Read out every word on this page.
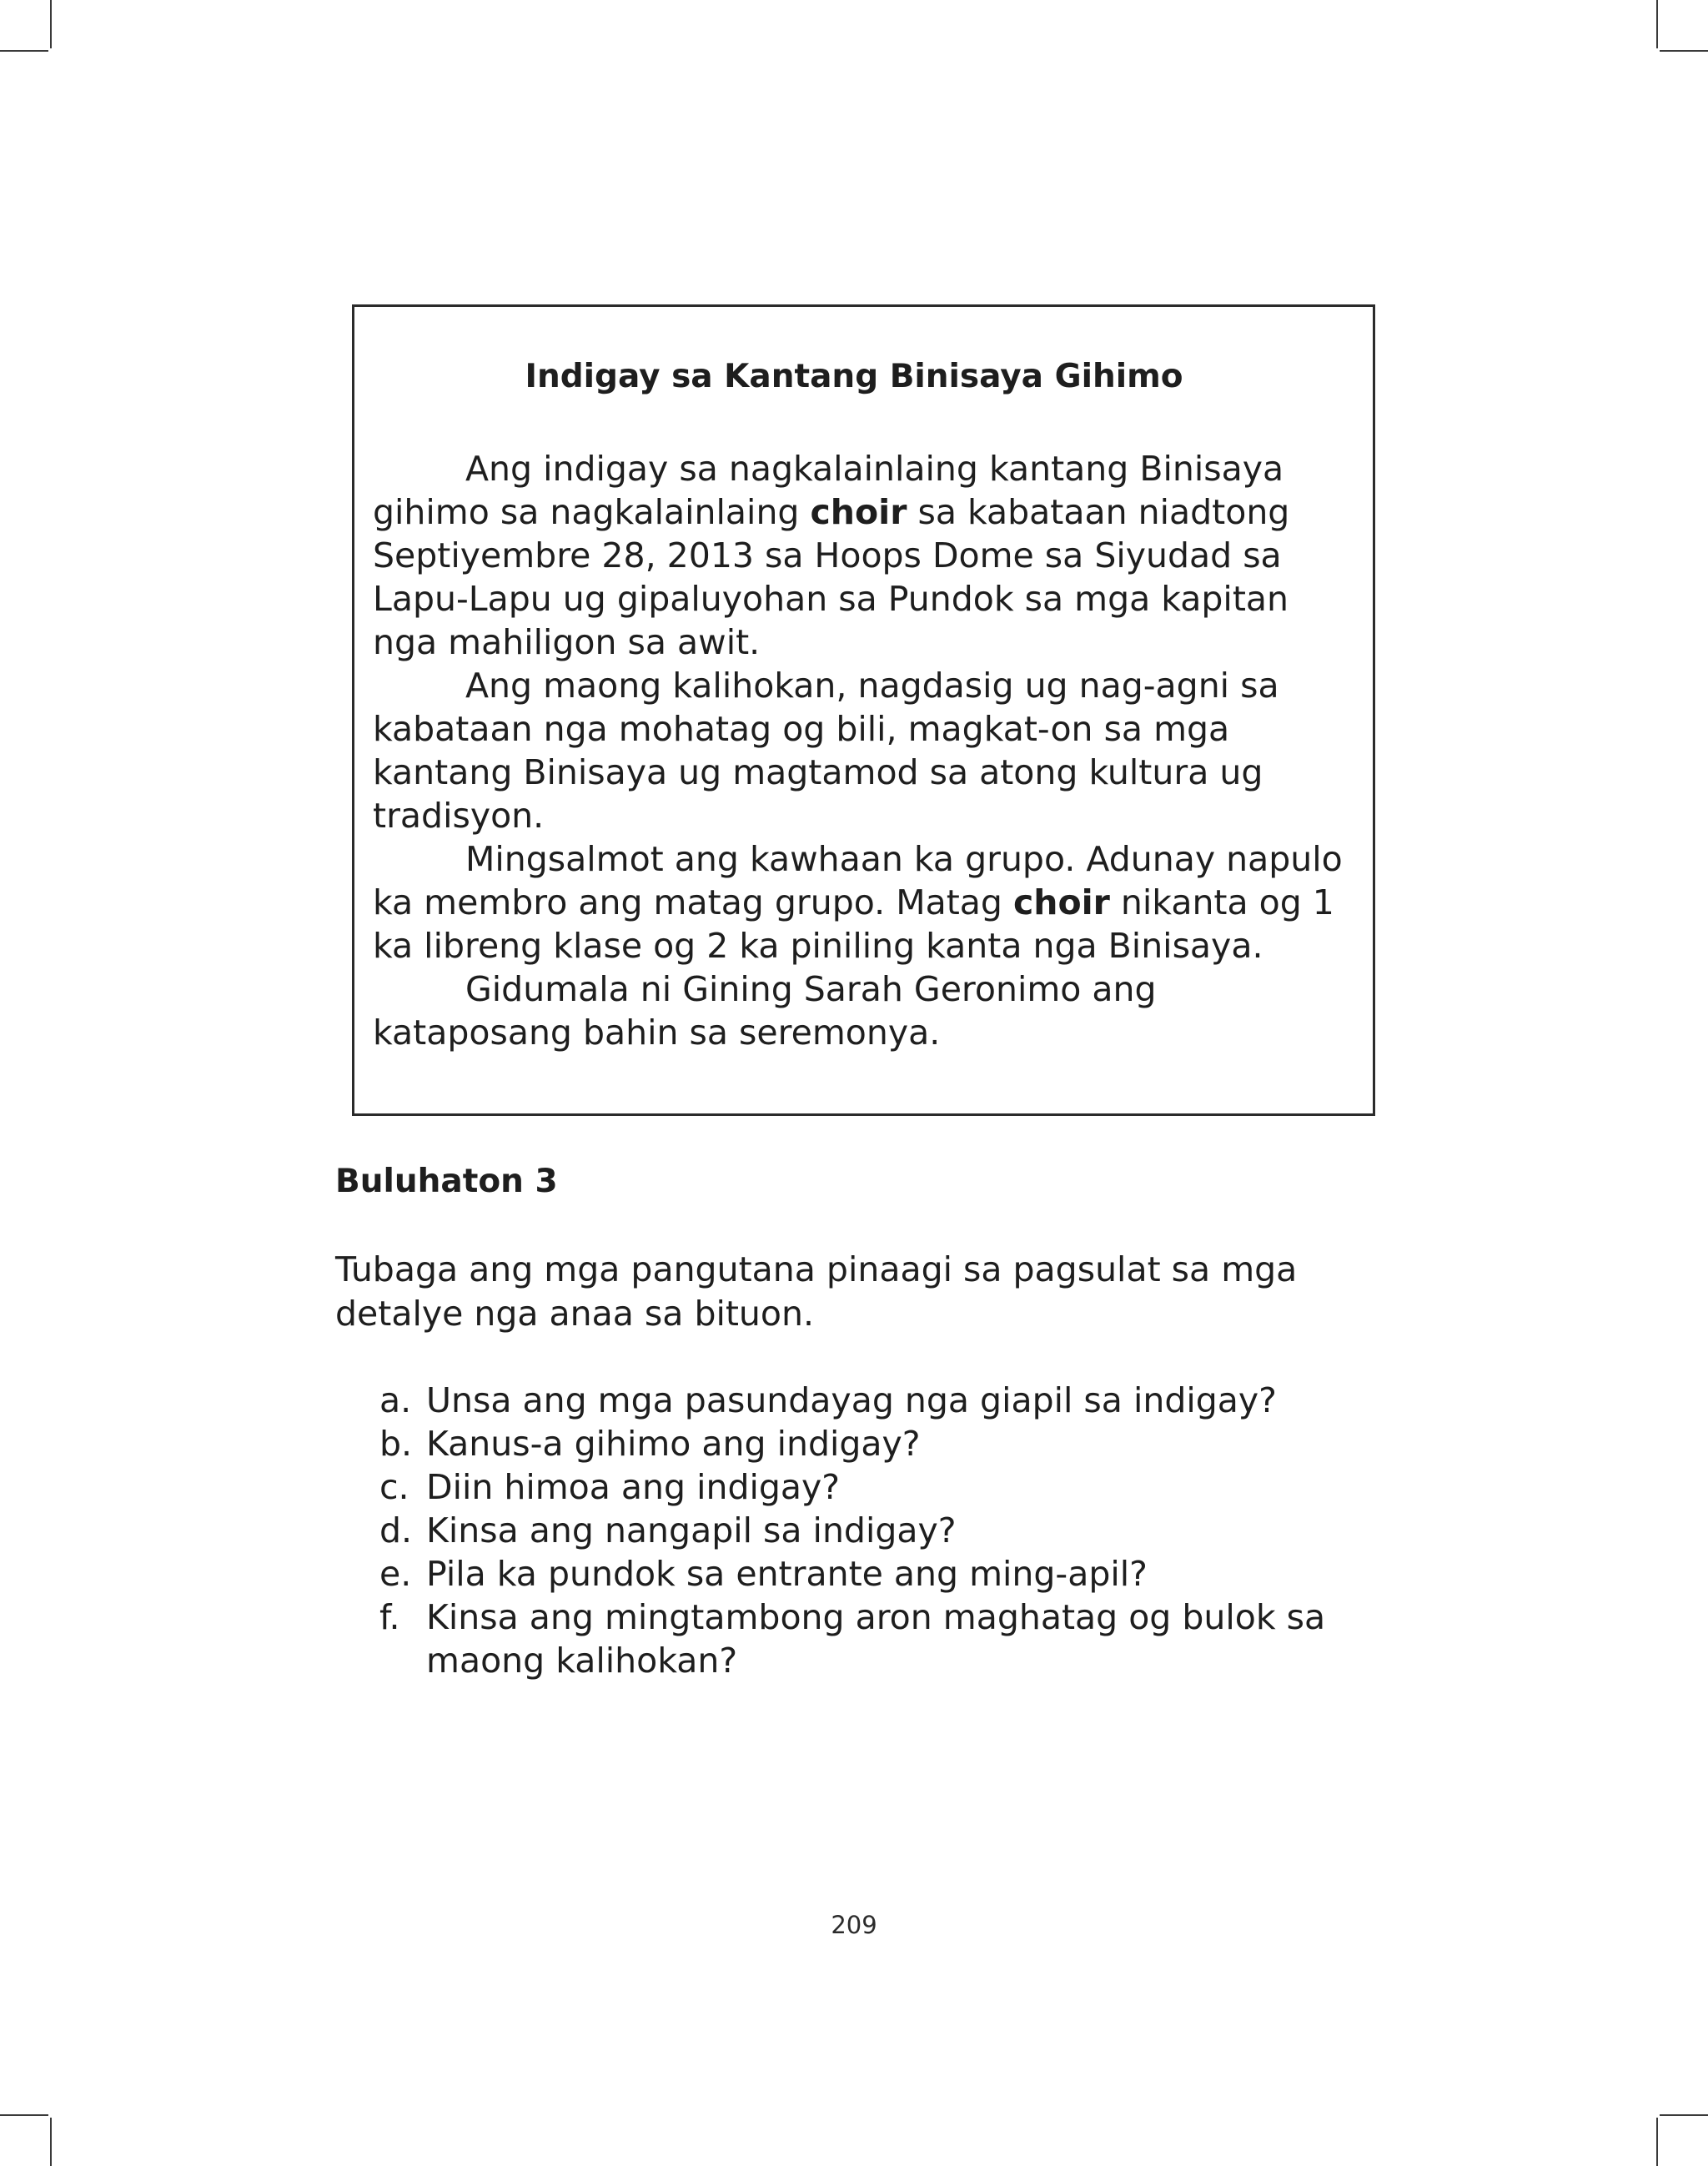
Indigay sa Kantang Binisaya Gihimo

Ang indigay sa nagkalainlaing kantang Binisaya gihimo sa nagkalainlaing choir sa kabataan niadtong Septiyembre 28, 2013 sa Hoops Dome sa Siyudad sa Lapu-Lapu ug gipaluyohan sa Pundok sa mga kapitan nga mahiligon sa awit.

Ang maong kalihokan, nagdasig ug nag-agni sa kabataan nga mohatag og bili, magkat-on sa mga kantang Binisaya ug magtamod sa atong kultura ug tradisyon.

Mingsalmot ang kawhaan ka grupo. Adunay napulo ka membro ang matag grupo. Matag choir nikanta og 1 ka libreng klase og 2 ka piniling kanta nga Binisaya.

Gidumala ni Gining Sarah Geronimo ang kataposang bahin sa seremonya.

Buluhaton 3

Tubaga ang mga pangutana pinaagi sa pagsulat sa mga detalye nga anaa sa bituon.

a. Unsa ang mga pasundayag nga giapil sa indigay?
b. Kanus-a gihimo ang indigay?
c. Diin himoa ang indigay?
d. Kinsa ang nangapil sa indigay?
e. Pila ka pundok sa entrante ang ming-apil?
f. Kinsa ang mingtambong aron maghatag og bulok sa maong kalihokan?
209
